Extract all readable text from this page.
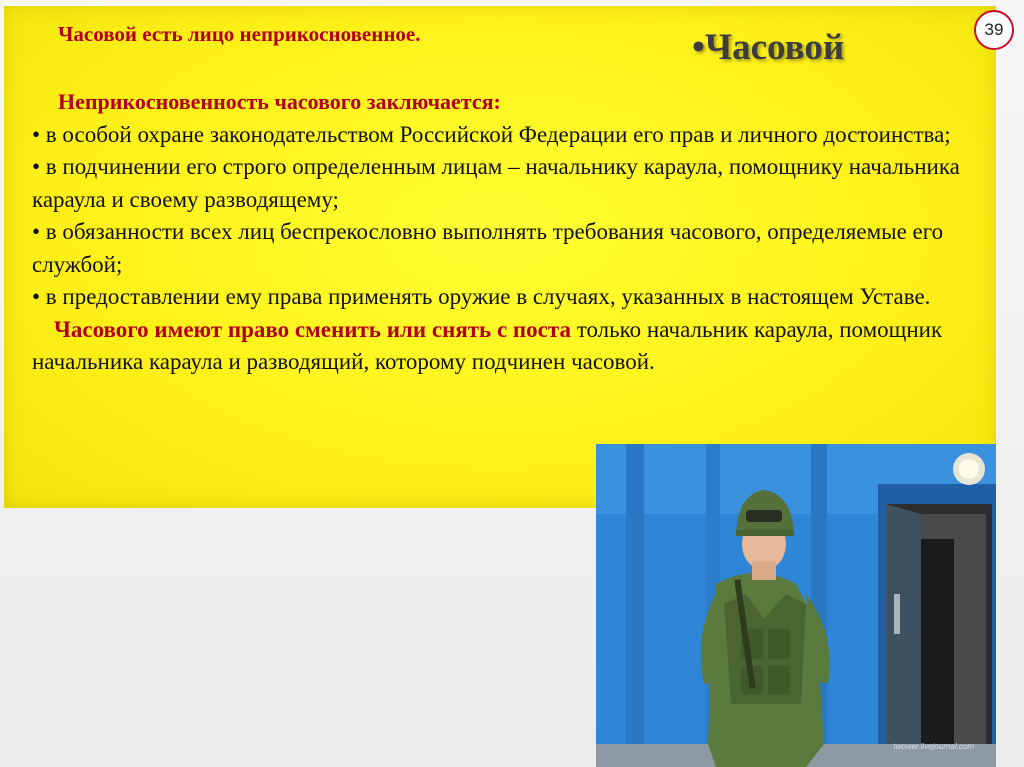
Часовой есть лицо неприкосновенное.	•Часовой	39
Неприкосновенность часового заключается:
• в особой охране законодательством Российской Федерации его прав и личного достоинства;
• в подчинении его строго определенным лицам – начальнику караула, помощнику начальника караула и своему разводящему;
• в обязанности всех лиц беспрекословно выполнять требования часового, определяемые его службой;
• в предоставлении ему права применять оружие в случаях, указанных в настоящем Уставе.
Часового имеют право сменить или снять с поста только начальник караула, помощник начальника караула и разводящий, которому подчинен часовой.
twower.livejournal.com
